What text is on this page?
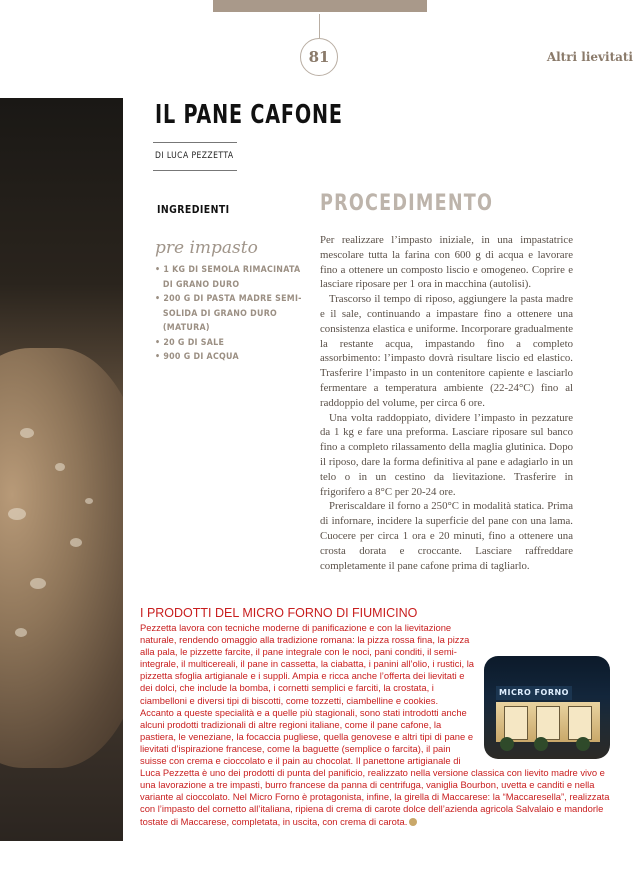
81	Altri lievitati
IL PANE CAFONE
DI LUCA PEZZETTA
INGREDIENTI
pre impasto
• 1 KG DI SEMOLA RIMACINATA DI GRANO DURO
• 200 G DI PASTA MADRE SEMI-SOLIDA DI GRANO DURO (MATURA)
• 20 G DI SALE
• 900 G DI ACQUA
PROCEDIMENTO

Per realizzare l’impasto iniziale, in una impastatrice mescolare tutta la farina con 600 g di acqua e lavorare fino a ottenere un composto liscio e omogeneo. Coprire e lasciare riposare per 1 ora in macchina (autolisi).

Trascorso il tempo di riposo, aggiungere la pasta madre e il sale, continuando a impastare fino a ottenere una consistenza elastica e uniforme. Incorporare gradualmente la restante acqua, impastando fino a completo assorbimento: l’impasto dovrà risultare liscio ed elastico. Trasferire l’impasto in un contenitore capiente e lasciarlo fermentare a temperatura ambiente (22-24°C) fino al raddoppio del volume, per circa 6 ore.

Una volta raddoppiato, dividere l’impasto in pezzature da 1 kg e fare una preforma. Lasciare riposare sul banco fino a completo rilassamento della maglia glutinica. Dopo il riposo, dare la forma definitiva al pane e adagiarlo in un telo o in un cestino da lievitazione. Trasferire in frigorifero a 8°C per 20-24 ore.

Preriscaldare il forno a 250°C in modalità statica. Prima di infornare, incidere la superficie del pane con una lama. Cuocere per circa 1 ora e 20 minuti, fino a ottenere una crosta dorata e croccante. Lasciare raffreddare completamente il pane cafone prima di tagliarlo.

I PRODOTTI DEL MICRO FORNO DI FIUMICINO
MICRO FORNO

Pezzetta lavora con tecniche moderne di panificazione e con la lievitazione naturale, rendendo omaggio alla tradizione romana: la pizza rossa fina, la pizza alla pala, le pizzette farcite, il pane integrale con le noci, pani conditi, il semi-integrale, il multicereali, il pane in cassetta, la ciabatta, i panini all’olio, i rustici, la pizzetta sfoglia artigianale e i suppli. Ampia e ricca anche l’offerta dei lievitati e dei dolci, che include la bomba, i cornetti semplici e farciti, la crostata, i ciambelloni e diversi tipi di biscotti, come tozzetti, ciambelline e cookies.

Accanto a queste specialità e a quelle più stagionali, sono stati introdotti anche alcuni prodotti tradizionali di altre regioni italiane, come il pane cafone, la pastiera, le veneziane, la focaccia pugliese, quella genovese e altri tipi di pane e lievitati d’ispirazione francese, come la baguette (semplice o farcita), il pain suisse con crema e cioccolato e il pain au chocolat. Il panettone artigianale di Luca Pezzetta è uno dei prodotti di punta del panificio, realizzato nella versione classica con lievito madre vivo e una lavorazione a tre impasti, burro francese da panna di centrifuga, vaniglia Bourbon, uvetta e canditi e nella variante al cioccolato. Nel Micro Forno è protagonista, infine, la girella di Maccarese: la “Maccaresella”, realizzata con l’impasto del cornetto all’italiana, ripiena di crema di carote dolce dell’azienda agricola Salvalaio e mandorle tostate di Maccarese, completata, in uscita, con crema di carota.
